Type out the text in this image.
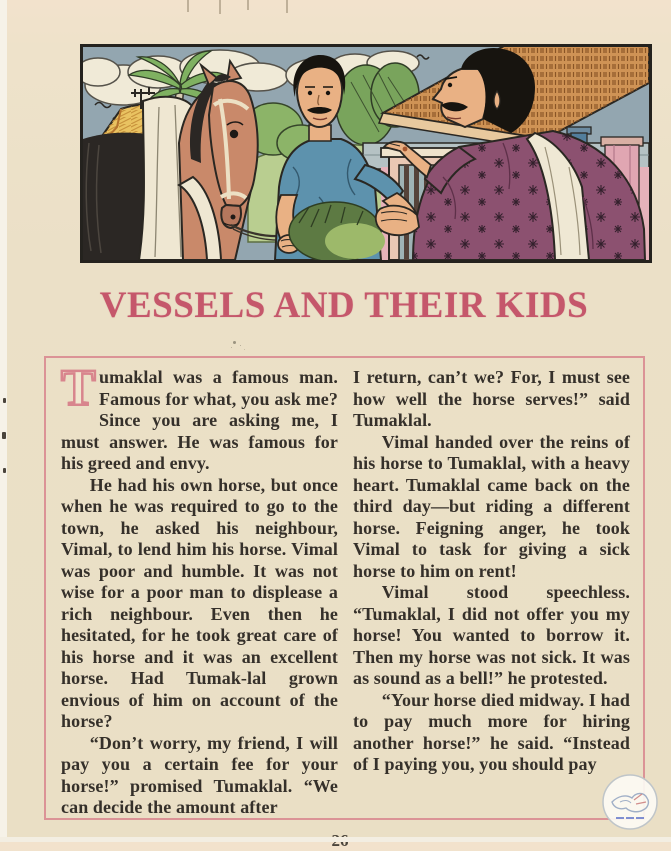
VESSELS AND THEIR KIDS

Tumaklal was a famous man. Famous for what, you ask me? Since you are asking me, I must answer. He was famous for his greed and envy.

He had his own horse, but once when he was required to go to the town, he asked his neighbour, Vimal, to lend him his horse. Vimal was poor and humble. It was not wise for a poor man to displease a rich neighbour. Even then he hesitated, for he took great care of his horse and it was an excellent horse. Had Tumak-lal grown envious of him on account of the horse?

“Don’t worry, my friend, I will pay you a certain fee for your horse!” promised Tumaklal. “We can decide the amount after

I return, can’t we? For, I must see how well the horse serves!” said Tumaklal.

Vimal handed over the reins of his horse to Tumaklal, with a heavy heart. Tumaklal came back on the third day—but riding a different horse. Feigning anger, he took Vimal to task for giving a sick horse to him on rent!

Vimal stood speechless. “Tumaklal, I did not offer you my horse! You wanted to borrow it. Then my horse was not sick. It was as sound as a bell!” he protested.

“Your horse died midway. I had to pay much more for hiring another horse!” he said. “Instead of I paying you, you should pay
